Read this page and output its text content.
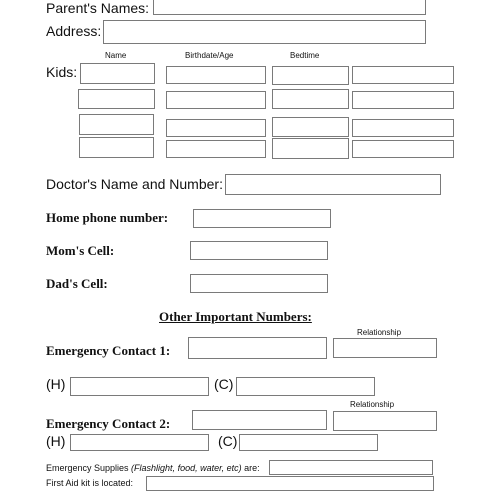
Parent's Names:
Address:
Name	Birthdate/Age	Bedtime
Kids:
Doctor's Name and Number:
Home phone number:
Mom's Cell:
Dad's Cell:
Other Important Numbers:
Relationship
Emergency Contact 1:
(H)	(C)
Relationship
Emergency Contact 2:
(H)	(C)
Emergency Supplies (Flashlight, food, water, etc) are:
First Aid kit is located:
